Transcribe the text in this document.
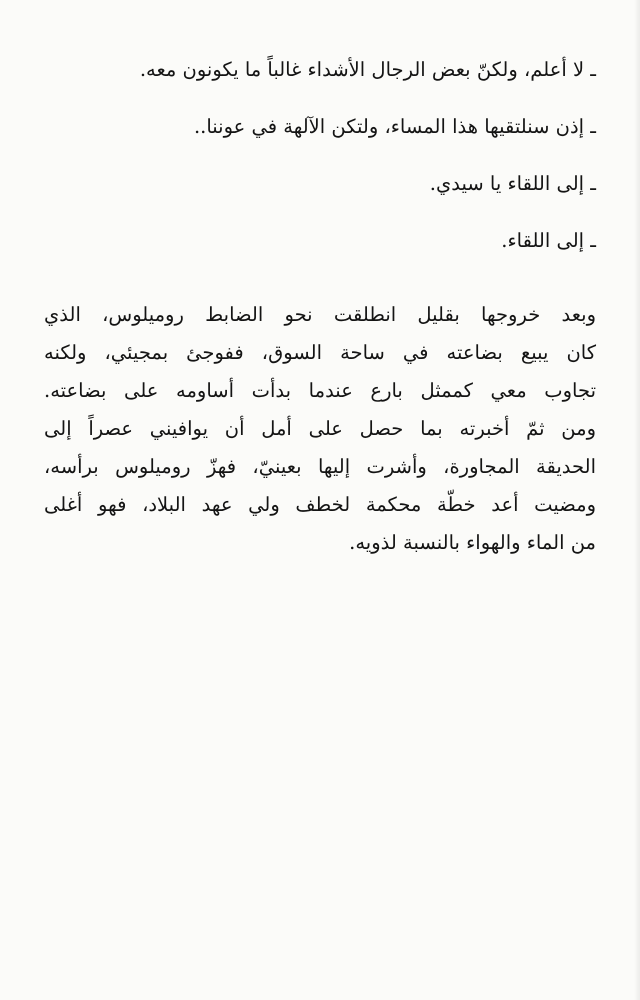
ـ لا أعلم، ولكنّ بعض الرجال الأشداء غالباً ما يكونون معه.

ـ إذن سنلتقيها هذا المساء، ولتكن الآلهة في عوننا..

ـ إلى اللقاء يا سيدي.

ـ إلى اللقاء.

وبعد خروجها بقليل انطلقت نحو الضابط روميلوس، الذي

كان يبيع بضاعته في ساحة السوق، ففوجئ بمجيئي، ولكنه

تجاوب معي كممثل بارع عندما بدأت أساومه على بضاعته.

ومن ثمّ أخبرته بما حصل على أمل أن يوافيني عصراً إلى

الحديقة المجاورة، وأشرت إليها بعينيّ، فهزّ روميلوس برأسه،

ومضيت أعد خطّة محكمة لخطف ولي عهد البلاد، فهو أغلى

من الماء والهواء بالنسبة لذويه.
